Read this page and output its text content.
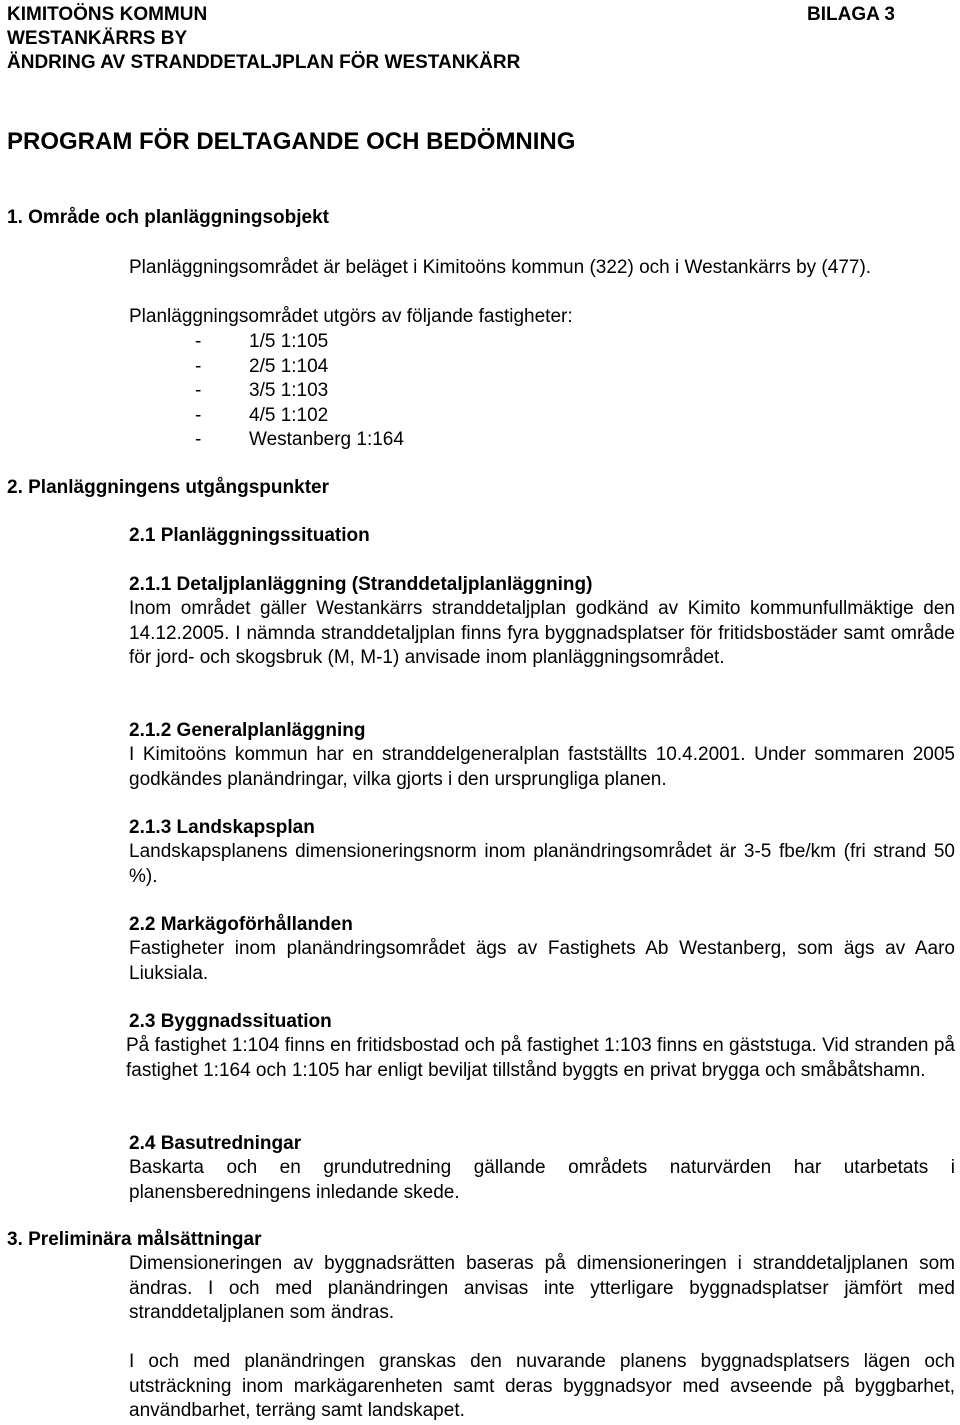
KIMITOÖNS KOMMUN
WESTANKÄRRS BY
ÄNDRING AV STRANDDETALJPLAN FÖR WESTANKÄRR
BILAGA 3
PROGRAM FÖR DELTAGANDE OCH BEDÖMNING
1. Område och planläggningsobjekt
Planläggningsområdet är beläget i Kimitoöns kommun (322) och i Westankärrs by (477).
Planläggningsområdet utgörs av följande fastigheter:
-	1/5 1:105
-	2/5 1:104
-	3/5 1:103
-	4/5 1:102
-	Westanberg 1:164
2. Planläggningens utgångspunkter
2.1 Planläggningssituation
2.1.1 Detaljplanläggning (Stranddetaljplanläggning)
Inom området gäller Westankärrs stranddetaljplan godkänd av Kimito kommunfullmäktige den 14.12.2005. I nämnda stranddetaljplan finns fyra byggnadsplatser för fritidsbostäder samt område för jord- och skogsbruk (M, M-1) anvisade inom planläggningsområdet.
2.1.2 Generalplanläggning
I Kimitoöns kommun har en stranddelgeneralplan fastställts 10.4.2001. Under sommaren 2005 godkändes planändringar, vilka gjorts i den ursprungliga planen.
2.1.3 Landskapsplan
Landskapsplanens dimensioneringsnorm inom planändringsområdet är 3-5 fbe/km (fri strand 50 %).
2.2 Markägoförhållanden
Fastigheter inom planändringsområdet ägs av Fastighets Ab Westanberg, som ägs av Aaro Liuksiala.
2.3 Byggnadssituation
På fastighet 1:104 finns en fritidsbostad och på fastighet 1:103 finns en gäststuga. Vid stranden på fastighet 1:164 och 1:105 har enligt beviljat tillstånd byggts en privat brygga och småbåtshamn.
2.4 Basutredningar
Baskarta och en grundutredning gällande områdets naturvärden har utarbetats i planensberedningens inledande skede.
3. Preliminära målsättningar
Dimensioneringen av byggnadsrätten baseras på dimensioneringen i stranddetaljplanen som ändras. I och med planändringen anvisas inte ytterligare byggnadsplatser jämfört med stranddetaljplanen som ändras.
I och med planändringen granskas den nuvarande planens byggnadsplatsers lägen och utsträckning inom markägarenheten samt deras byggnadsyor med avseende på byggbarhet, användbarhet, terräng samt landskapet.
